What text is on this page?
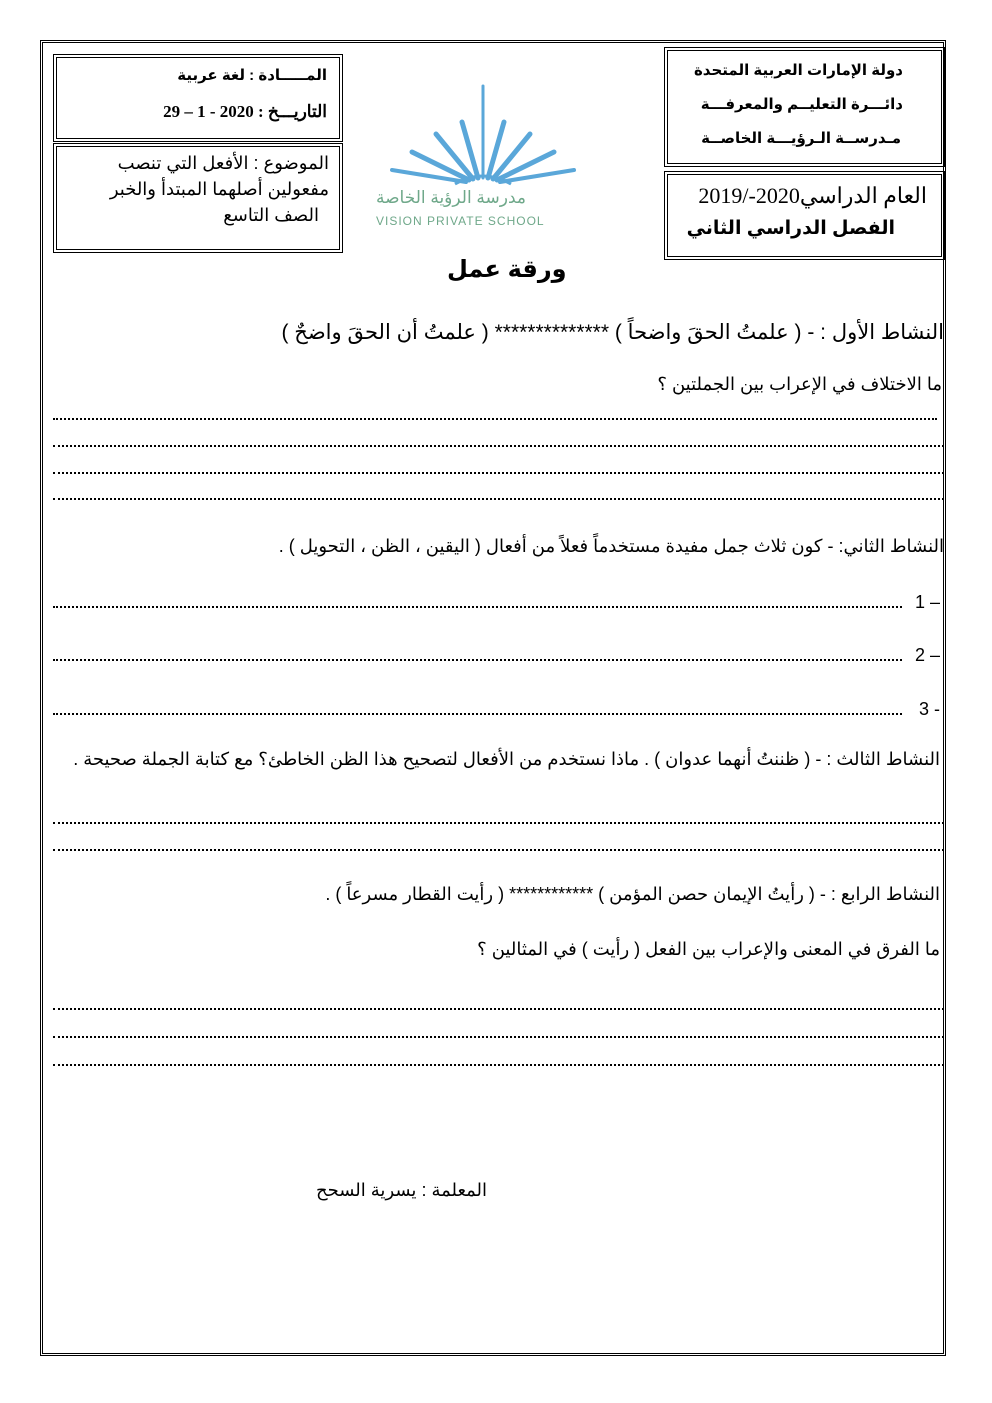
دولة الإمارات العربية المتحدة
دائـــرة التعليــم والمعرفـــة
مـدرســة الـرؤيـــة الخاصــة
العام الدراسي2020-/2019
الفصل الدراسي الثاني
المـــــادة : لغة عربية
التاريـــخ : 2020 - 1 – 29
الموضوع : الأفعل التي تنصب
مفعولين أصلهما المبتدأ والخبر
الصف التاسع
مدرسة الرؤية الخاصة
VISION PRIVATE SCHOOL
ورقة عمل
النشاط الأول : - ( علمتُ الحقَ واضحاً ) ************** ( علمتُ أن الحقَ واضحٌ )
ما الاختلاف في الإعراب بين الجملتين ؟
النشاط الثاني: - كون ثلاث جمل مفيدة مستخدماً فعلاً من أفعال ( اليقين ، الظن ، التحويل ) .
1 –
2 –
3 -
النشاط الثالث : - ( ظننتُ أنهما عدوان ) . ماذا نستخدم من الأفعال لتصحيح هذا الظن الخاطئ؟ مع كتابة الجملة صحيحة .
النشاط الرابع : - ( رأيتُ الإيمان حصن المؤمن ) ************ ( رأيت القطار مسرعاً ) .
ما الفرق في المعنى والإعراب بين الفعل ( رأيت ) في المثالين ؟
المعلمة : يسرية السحح
